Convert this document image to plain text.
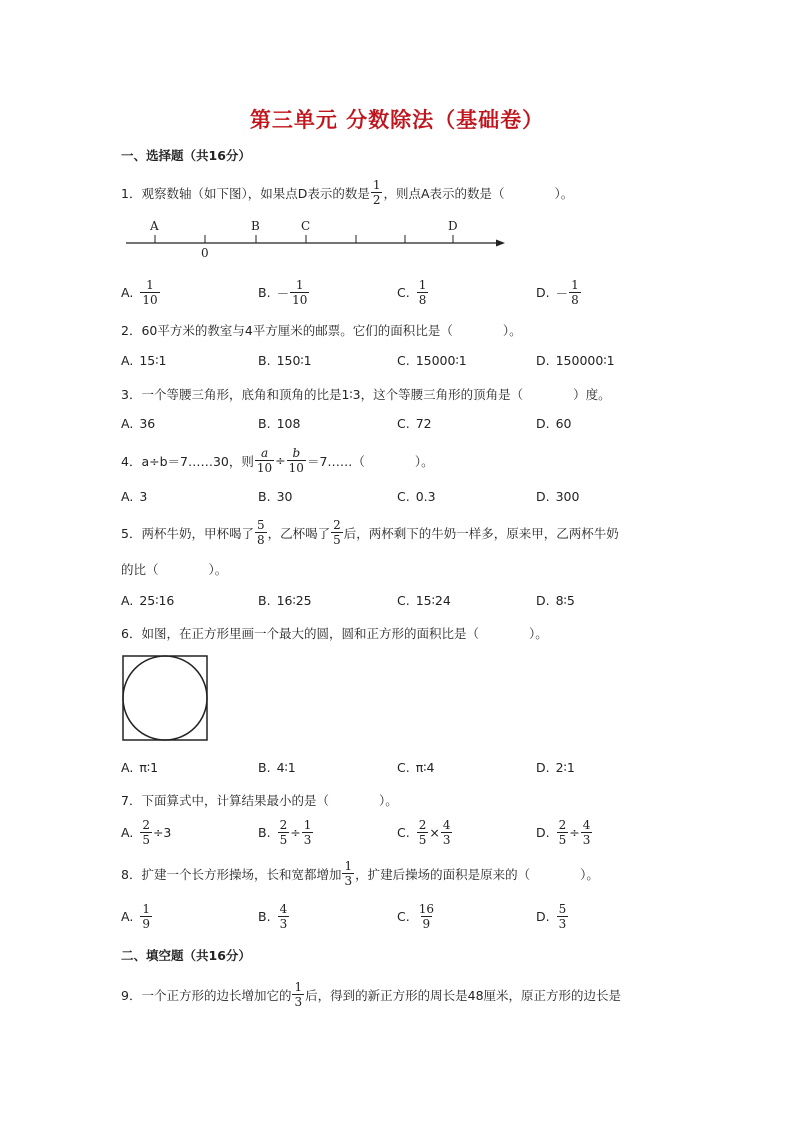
第三单元 分数除法（基础卷）
一、选择题（共16分）
1．观察数轴（如下图），如果点D表示的数是 $\frac{1}{2}$ ，则点A表示的数是（　　　　）。
A	B	C	D
0
A. $\frac{1}{10}$	B. － $\frac{1}{10}$	C. $\frac{1}{8}$	D. － $\frac{1}{8}$
2．60平方米的教室与4平方厘米的邮票。它们的面积比是（　　　　）。
A. 15∶1	B. 150∶1	C. 15000∶1	D. 150000∶1
3．一个等腰三角形，底角和顶角的比是1∶3，这个等腰三角形的顶角是（　　　　）度。
A. 36	B. 108	C. 72	D. 60
4．a÷b＝7……30，则 $\frac{a}{10} \div \frac{b}{10}$ ＝7……（　　　　）。
A. 3	B. 30	C. 0.3	D. 300
5．两杯牛奶，甲杯喝了 $\frac{5}{8}$ ，乙杯喝了 $\frac{2}{5}$ 后，两杯剩下的牛奶一样多，原来甲，乙两杯牛奶
的比（　　　　）。
A. 25∶16	B. 16∶25	C. 15∶24	D. 8∶5
6．如图，在正方形里画一个最大的圆，圆和正方形的面积比是（　　　　）。
A. π∶1	B. 4∶1	C. π∶4	D. 2∶1
7．下面算式中，计算结果最小的是（　　　　）。
A. $\frac{2}{5} \div 3$	B. $\frac{2}{5} \div \frac{1}{3}$	C. $\frac{2}{5} \times \frac{4}{3}$	D. $\frac{2}{5} \div \frac{4}{3}$
8．扩建一个长方形操场，长和宽都增加 $\frac{1}{3}$ ，扩建后操场的面积是原来的（　　　　）。
A. $\frac{1}{9}$	B. $\frac{4}{3}$	C. $\frac{16}{9}$	D. $\frac{5}{3}$
二、填空题（共16分）
9．一个正方形的边长增加它的 $\frac{1}{3}$ 后，得到的新正方形的周长是48厘米，原正方形的边长是
